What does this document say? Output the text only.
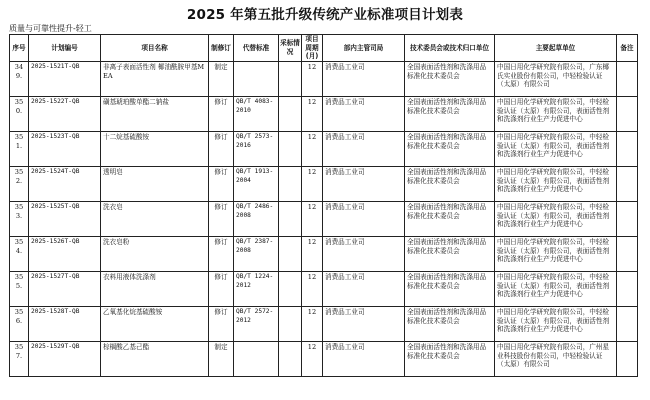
2025 年第五批升级传统产业标准项目计划表
质量与可靠性提升-轻工
序号	计划编号	项目名称	制修订	代替标准	采标情况	项目周期(月)	部内主管司局	技术委员会或技术归口单位	主要起草单位	备注
349.	2025-1521T-QB	非离子表面活性剂 椰油酰胺甲基MEA	制定			12	消费品工业司	全国表面活性剂和洗涤用品标准化技术委员会	中国日用化学研究院有限公司，广东椰氏实业股份有限公司，中轻检验认证（太原）有限公司	
350.	2025-1522T-QB	磺基琥珀酸单酯二钠盐	修订	QB/T 4083-2010		12	消费品工业司	全国表面活性剂和洗涤用品标准化技术委员会	中国日用化学研究院有限公司，中轻检验认证（太原）有限公司，表面活性剂和洗涤剂行业生产力促进中心	
351.	2025-1523T-QB	十二烷基硫酸铵	修订	QB/T 2573-2016		12	消费品工业司	全国表面活性剂和洗涤用品标准化技术委员会	中国日用化学研究院有限公司，中轻检验认证（太原）有限公司，表面活性剂和洗涤剂行业生产力促进中心	
352.	2025-1524T-QB	透明皂	修订	QB/T 1913-2004		12	消费品工业司	全国表面活性剂和洗涤用品标准化技术委员会	中国日用化学研究院有限公司，中轻检验认证（太原）有限公司，表面活性剂和洗涤剂行业生产力促进中心	
353.	2025-1525T-QB	洗衣皂	修订	QB/T 2486-2008		12	消费品工业司	全国表面活性剂和洗涤用品标准化技术委员会	中国日用化学研究院有限公司，中轻检验认证（太原）有限公司，表面活性剂和洗涤剂行业生产力促进中心	
354.	2025-1526T-QB	洗衣皂粉	修订	QB/T 2387-2008		12	消费品工业司	全国表面活性剂和洗涤用品标准化技术委员会	中国日用化学研究院有限公司，中轻检验认证（太原）有限公司，表面活性剂和洗涤剂行业生产力促进中心	
355.	2025-1527T-QB	衣料用液体洗涤剂	修订	QB/T 1224-2012		12	消费品工业司	全国表面活性剂和洗涤用品标准化技术委员会	中国日用化学研究院有限公司，中轻检验认证（太原）有限公司，表面活性剂和洗涤剂行业生产力促进中心	
356.	2025-1528T-QB	乙氧基化烷基硫酸铵	修订	QB/T 2572-2012		12	消费品工业司	全国表面活性剂和洗涤用品标准化技术委员会	中国日用化学研究院有限公司，中轻检验认证（太原）有限公司，表面活性剂和洗涤剂行业生产力促进中心	
357.	2025-1529T-QB	棕榈酸乙基己酯	制定			12	消费品工业司	全国表面活性剂和洗涤用品标准化技术委员会	中国日用化学研究院有限公司，广州星业科技股份有限公司，中轻检验认证（太原）有限公司	
